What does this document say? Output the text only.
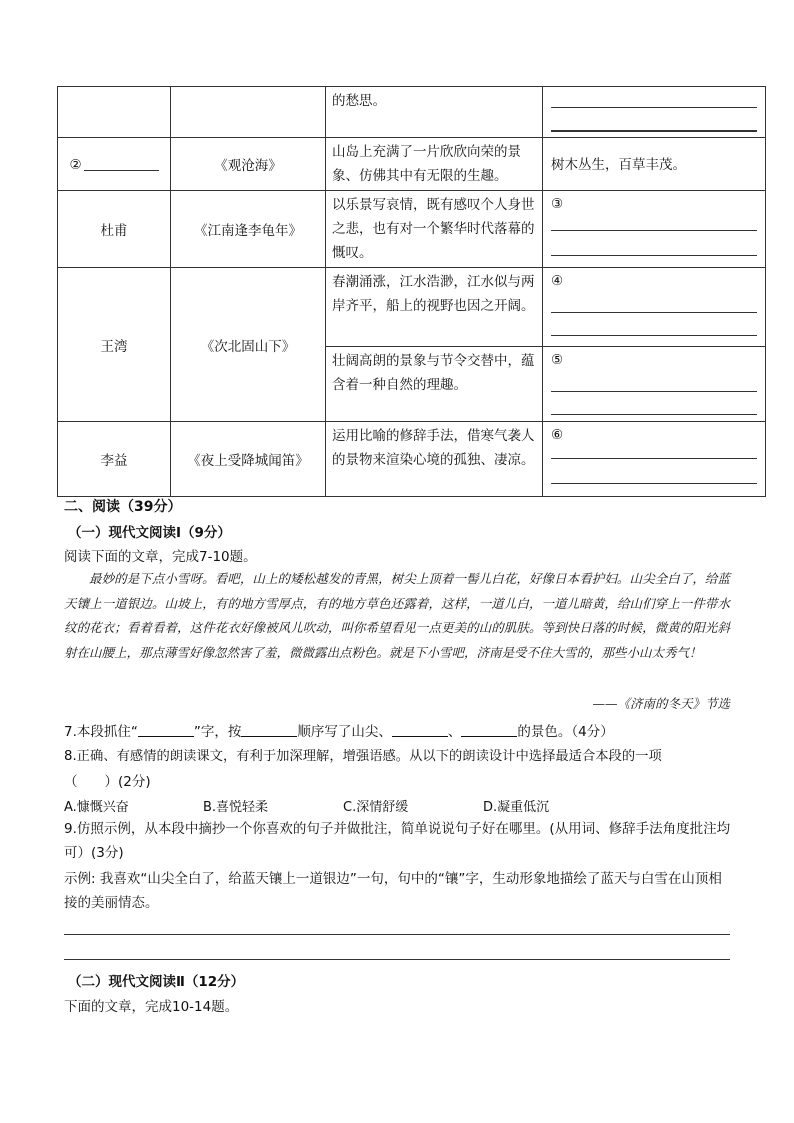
		的愁思。	

②	《观沧海》	山岛上充满了一片欣欣向荣的景象、仿佛其中有无限的生趣。	树木丛生，百草丰茂。
杜甫	《江南逢李龟年》	以乐景写哀情，既有感叹个人身世之悲，也有对一个繁华时代落幕的慨叹。	③

王湾	《次北固山下》	春潮涌涨，江水浩渺，江水似与两岸齐平，船上的视野也因之开阔。	④

		壮阔高朗的景象与节令交替中，蕴含着一种自然的理趣。	⑤

李益	《夜上受降城闻笛》	运用比喻的修辞手法，借寒气袭人的景物来渲染心境的孤独、凄凉。	⑥
二、阅读（39分）
（一）现代文阅读Ⅰ（9分）
阅读下面的文章，完成7-10题。

最妙的是下点小雪呀。看吧，山上的矮松越发的青黑，树尖上顶着一髻儿白花，好像日本看护妇。山尖全白了，给蓝天镶上一道银边。山坡上，有的地方雪厚点，有的地方草色还露着，这样，一道儿白，一道儿暗黄，给山们穿上一件带水纹的花衣；看着看着，这件花衣好像被风儿吹动，叫你希望看见一点更美的山的肌肤。等到快日落的时候，微黄的阳光斜射在山腰上，那点薄雪好像忽然害了羞，微微露出点粉色。就是下小雪吧，济南是受不住大雪的，那些小山太秀气！

——《济南的冬天》节选
7.本段抓住“	”字，按	顺序写了山尖、	、	的景色。（4分）
8.正确、有感情的朗读课文，有利于加深理解，增强语感。从以下的朗读设计中选择最适合本段的一项
（　　）(2分)
A.慷慨兴奋	B.喜悦轻柔	C.深情舒缓	D.凝重低沉
9.仿照示例，从本段中摘抄一个你喜欢的句子并做批注，简单说说句子好在哪里。(从用词、修辞手法角度批注均可）(3分)
示例: 我喜欢“山尖全白了，给蓝天镶上一道银边”一句，句中的“镶”字，生动形象地描绘了蓝天与白雪在山顶相接的美丽情态。
（二）现代文阅读Ⅱ（12分）
下面的文章，完成10-14题。
